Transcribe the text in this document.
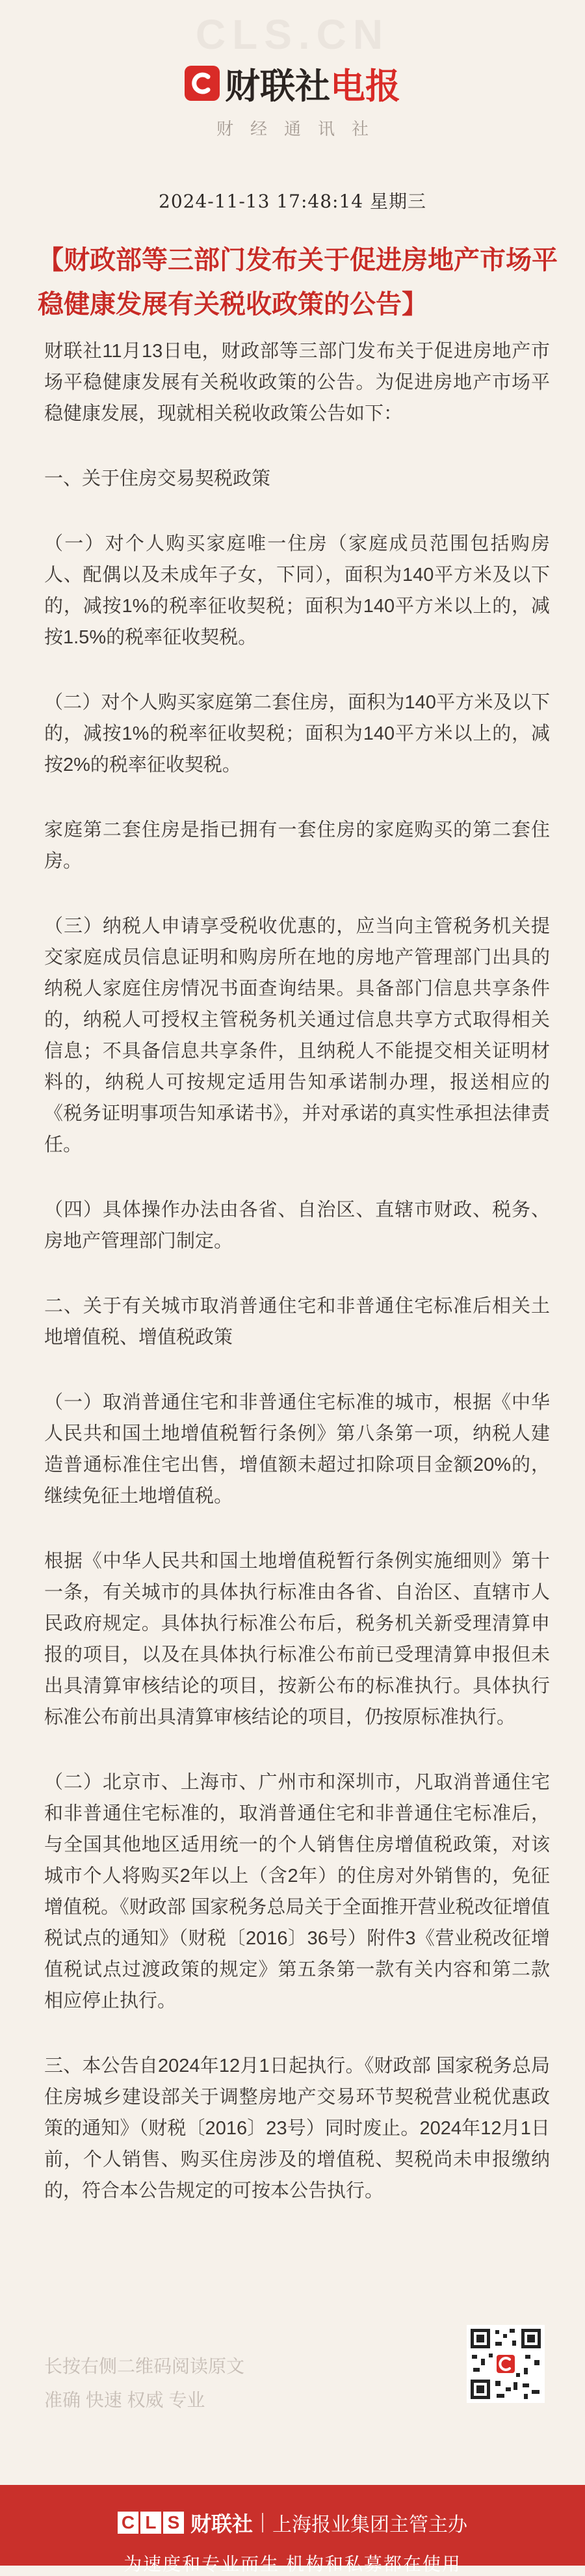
CLS.CN
财联社 电报
财经通讯社
2024-11-13 17:48:14 星期三
【财政部等三部门发布关于促进房地产市场平稳健康发展有关税收政策的公告】

财联社11月13日电，财政部等三部门发布关于促进房地产市场平稳健康发展有关税收政策的公告。为促进房地产市场平稳健康发展，现就相关税收政策公告如下：

一、关于住房交易契税政策

（一）对个人购买家庭唯一住房（家庭成员范围包括购房人、配偶以及未成年子女，下同），面积为140平方米及以下的，减按1%的税率征收契税；面积为140平方米以上的，减按1.5%的税率征收契税。

（二）对个人购买家庭第二套住房，面积为140平方米及以下的，减按1%的税率征收契税；面积为140平方米以上的，减按2%的税率征收契税。

家庭第二套住房是指已拥有一套住房的家庭购买的第二套住房。

（三）纳税人申请享受税收优惠的，应当向主管税务机关提交家庭成员信息证明和购房所在地的房地产管理部门出具的纳税人家庭住房情况书面查询结果。具备部门信息共享条件的，纳税人可授权主管税务机关通过信息共享方式取得相关信息；不具备信息共享条件，且纳税人不能提交相关证明材料的，纳税人可按规定适用告知承诺制办理，报送相应的《税务证明事项告知承诺书》，并对承诺的真实性承担法律责任。

（四）具体操作办法由各省、自治区、直辖市财政、税务、房地产管理部门制定。

二、关于有关城市取消普通住宅和非普通住宅标准后相关土地增值税、增值税政策

（一）取消普通住宅和非普通住宅标准的城市，根据《中华人民共和国土地增值税暂行条例》第八条第一项，纳税人建造普通标准住宅出售，增值额未超过扣除项目金额20%的，继续免征土地增值税。

根据《中华人民共和国土地增值税暂行条例实施细则》第十一条，有关城市的具体执行标准由各省、自治区、直辖市人民政府规定。具体执行标准公布后，税务机关新受理清算申报的项目，以及在具体执行标准公布前已受理清算申报但未出具清算审核结论的项目，按新公布的标准执行。具体执行标准公布前出具清算审核结论的项目，仍按原标准执行。

（二）北京市、上海市、广州市和深圳市，凡取消普通住宅和非普通住宅标准的，取消普通住宅和非普通住宅标准后，与全国其他地区适用统一的个人销售住房增值税政策，对该城市个人将购买2年以上（含2年）的住房对外销售的，免征增值税。《财政部 国家税务总局关于全面推开营业税改征增值税试点的通知》（财税〔2016〕36号）附件3《营业税改征增值税试点过渡政策的规定》第五条第一款有关内容和第二款相应停止执行。

三、本公告自2024年12月1日起执行。《财政部 国家税务总局 住房城乡建设部关于调整房地产交易环节契税营业税优惠政策的通知》（财税〔2016〕23号）同时废止。2024年12月1日前，个人销售、购买住房涉及的增值税、契税尚未申报缴纳的，符合本公告规定的可按本公告执行。

长按右侧二维码阅读原文
准确 快速 权威 专业
C L S 财联社 上海报业集团主管主办
为速度和专业而生 机构和私募都在使用
